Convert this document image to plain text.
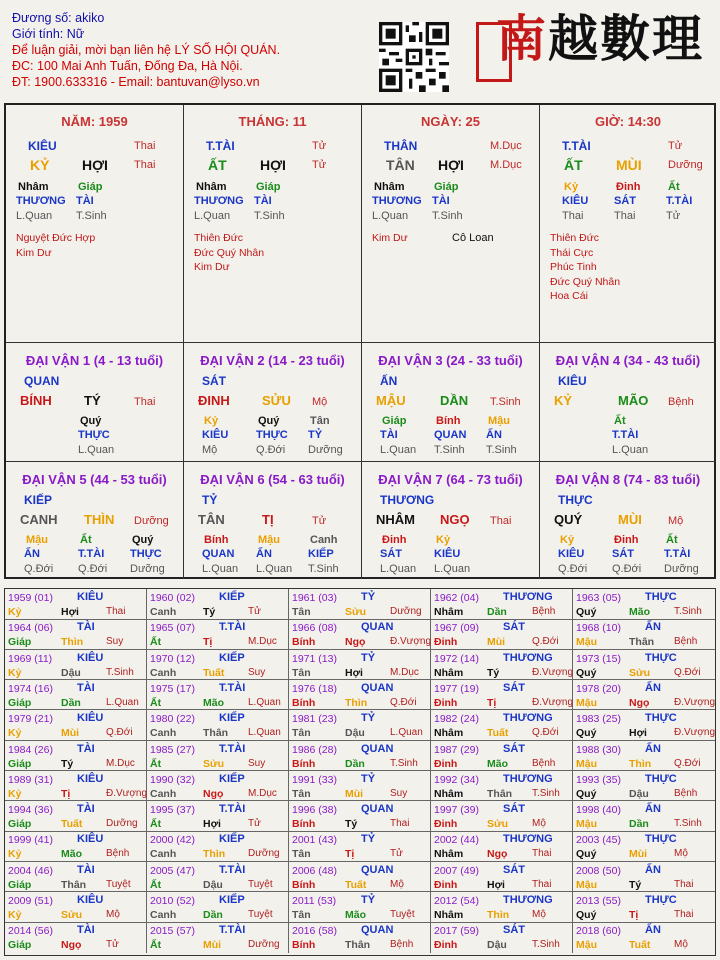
Đương số: akiko
Giới tính: Nữ
Để luận giải, mời bạn liên hệ LÝ SỐ HỘI QUÁN.
ĐC: 100 Mai Anh Tuấn, Đống Đa, Hà Nội.
ĐT: 1900.633316 - Email: bantuvan@lyso.vn
南越數理
NĂM: 1959
KIÊU	Thai
KỶ HỢI Thai
Nhâm
THƯƠNG
L.Quan
Giáp
TÀI
T.Sinh
Nguyệt Đức Hợp
Kim Dư
THÁNG: 11
T.TÀI	Tử
ẤT HỢI Tử
Nhâm
THƯƠNG
L.Quan
Giáp
TÀI
T.Sinh
Thiên Đức
Đức Quý Nhân
Kim Dư
NGÀY: 25
THÂN	M.Dục
TÂN HỢI M.Dục
Nhâm
THƯƠNG
L.Quan
Giáp
TÀI
T.Sinh
Kim Dư	Cô Loan
GIỜ: 14:30
T.TÀI	Tử
ẤT MÙI Dưỡng
Kỷ
KIÊU
Thai
Đinh
SÁT
Thai
Ất
T.TÀI
Tử
Thiên Đức
Thái Cực
Phúc Tinh
Đức Quý Nhân
Hoa Cái
ĐẠI VẬN 1 (4 - 13 tuổi)
QUAN
BÍNH TÝ	Thai
Quý
THỰC
L.Quan
ĐẠI VẬN 2 (14 - 23 tuổi)
SÁT
ĐINH SỬU Mộ
Kỷ
KIÊU
Mộ
Quý
THỰC
Q.Đới
Tân
TỶ
Dưỡng
ĐẠI VẬN 3 (24 - 33 tuổi)
ẤN
MẬU	DẦN T.Sinh
Giáp
TÀI
L.Quan
Bính
QUAN
T.Sinh
Mậu
ẤN
T.Sinh
ĐẠI VẬN 4 (34 - 43 tuổi)
KIÊU
KỶ	MÃO Bệnh
Ất
T.TÀI
L.Quan
ĐẠI VẬN 5 (44 - 53 tuổi)
KIẾP
CANH THÌN Dưỡng
Mậu
ẤN
Q.Đới
Ất
T.TÀI
Q.Đới
Quý
THỰC
Dưỡng
ĐẠI VẬN 6 (54 - 63 tuổi)
TỶ
TÂN	TỊ	Tử
Bính
QUAN
L.Quan
Mậu
ẤN
L.Quan
Canh
KIẾP
T.Sinh
ĐẠI VẬN 7 (64 - 73 tuổi)
THƯƠNG
NHÂM NGỌ Thai
Đinh
SÁT
L.Quan
Kỷ
KIÊU
L.Quan
ĐẠI VẬN 8 (74 - 83 tuổi)
THỰC
QUÝ	MÙI Mộ
Kỷ
KIÊU
Q.Đới
Đinh
SÁT
Q.Đới
Ất
T.TÀI
Dưỡng
1959 (01) KIÊU
Kỷ	Hợi	Thai
1960 (02) KIẾP
Canh	Tý	Tử
1961 (03) TỶ
Tân	Sửu Dưỡng
1962 (04) THƯƠNG
Nhâm Dần	Bệnh
1963 (05) THỰC
Quý	Mão T.Sinh
1964 (06) TÀI
Giáp	Thìn Suy
1965 (07) T.TÀI
Ất	Tị	M.Dục
1966 (08) QUAN
Bính	Ngọ Đ.Vượng
1967 (09) SÁT
Đinh	Mùi	Q.Đới
1968 (10) ẤN
Mậu	Thân Bệnh
1969 (11) KIÊU
Kỷ	Dậu	T.Sinh
1970 (12) KIẾP
Canh	Tuất Suy
1971 (13) TỶ
Tân	Hợi	M.Dục
1972 (14) THƯƠNG
Nhâm Tý	Đ.Vượng
1973 (15) THỰC
Quý	Sửu Q.Đới
1974 (16) TÀI
Giáp	Dần	L.Quan
1975 (17) T.TÀI
Ất	Mão L.Quan
1976 (18) QUAN
Bính	Thìn Q.Đới
1977 (19) SÁT
Đinh	Tị	Đ.Vượng
1978 (20) ẤN
Mậu	Ngọ Đ.Vượng
1979 (21) KIÊU
Kỷ	Mùi	Q.Đới
1980 (22) KIẾP
Canh	Thân L.Quan
1981 (23) TỶ
Tân	Dậu	L.Quan
1982 (24) THƯƠNG
Nhâm Tuất Q.Đới
1983 (25) THỰC
Quý	Hợi	Đ.Vượng
1984 (26) TÀI
Giáp	Tý	M.Dục
1985 (27) T.TÀI
Ất	Sửu Suy
1986 (28) QUAN
Bính	Dần	T.Sinh
1987 (29) SÁT
Đinh	Mão Bệnh
1988 (30) ẤN
Mậu	Thìn Q.Đới
1989 (31) KIÊU
Kỷ	Tị	Đ.Vượng
1990 (32) KIẾP
Canh	Ngọ M.Dục
1991 (33) TỶ
Tân	Mùi	Suy
1992 (34) THƯƠNG
Nhâm Thân T.Sinh
1993 (35) THỰC
Quý	Dậu	Bệnh
1994 (36) TÀI
Giáp	Tuất Dưỡng
1995 (37) T.TÀI
Ất	Hợi	Tử
1996 (38) QUAN
Bính	Tý	Thai
1997 (39) SÁT
Đinh	Sửu Mộ
1998 (40) ẤN
Mậu	Dần	T.Sinh
1999 (41) KIÊU
Kỷ	Mão Bệnh
2000 (42) KIẾP
Canh	Thìn Dưỡng
2001 (43) TỶ
Tân	Tị	Tử
2002 (44) THƯƠNG
Nhâm Ngọ Thai
2003 (45) THỰC
Quý	Mùi	Mộ
2004 (46) TÀI
Giáp	Thân Tuyệt
2005 (47) T.TÀI
Ất	Dậu	Tuyệt
2006 (48) QUAN
Bính	Tuất Mộ
2007 (49) SÁT
Đinh	Hợi	Thai
2008 (50) ẤN
Mậu	Tý	Thai
2009 (51) KIÊU
Kỷ	Sửu Mộ
2010 (52) KIẾP
Canh	Dần	Tuyệt
2011 (53) TỶ
Tân	Mão Tuyệt
2012 (54) THƯƠNG
Nhâm Thìn Mộ
2013 (55) THỰC
Quý	Tị	Thai
2014 (56) TÀI
Giáp	Ngọ Tử
2015 (57) T.TÀI
Ất	Mùi	Dưỡng
2016 (58) QUAN
Bính	Thân Bệnh
2017 (59) SÁT
Đinh	Dậu	T.Sinh
2018 (60) ẤN
Mậu	Tuất Mộ
